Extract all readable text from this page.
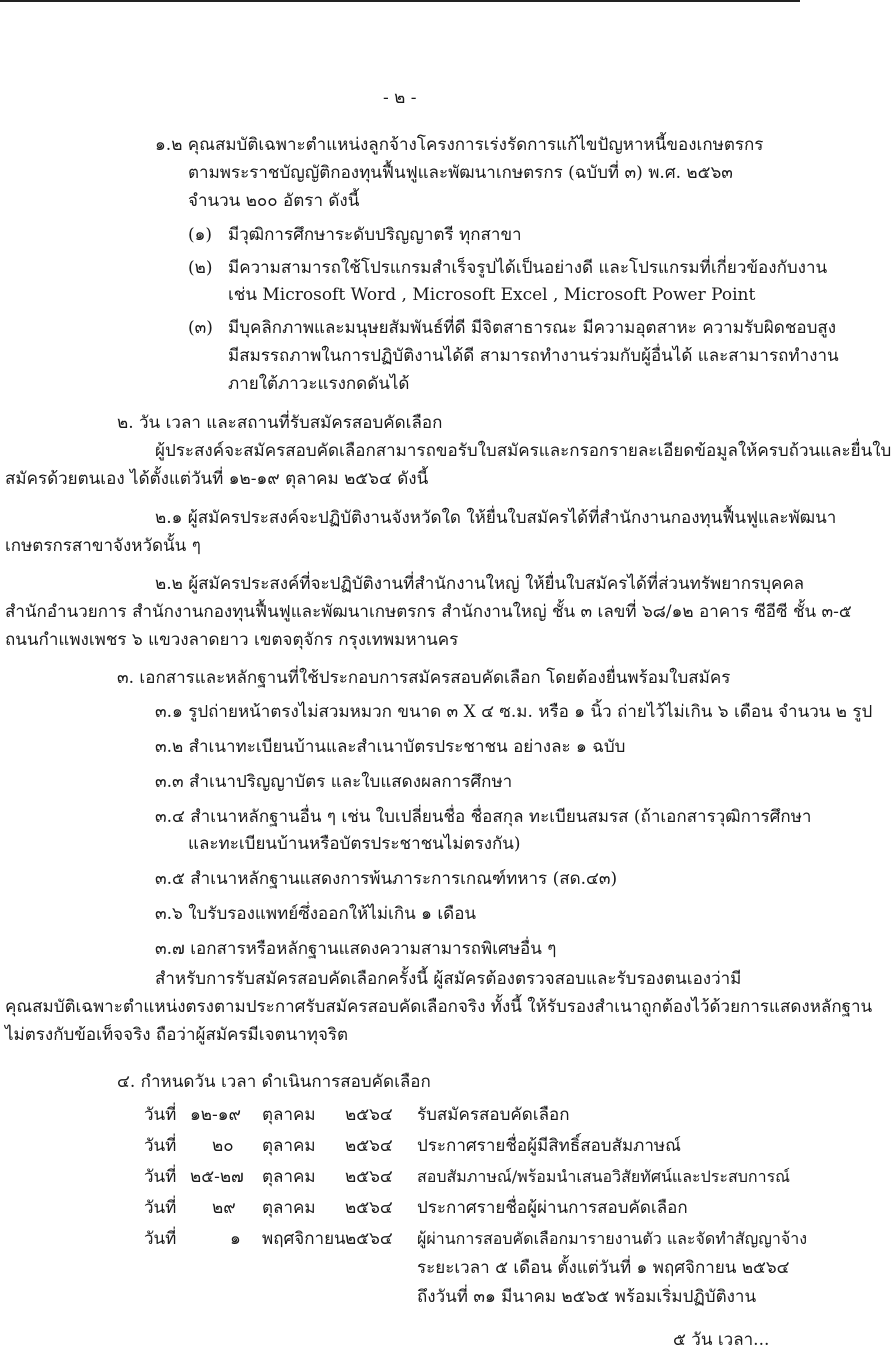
- ๒ -
๑.๒ คุณสมบัติเฉพาะตำแหน่งลูกจ้างโครงการเร่งรัดการแก้ไขปัญหาหนี้ของเกษตรกร
ตามพระราชบัญญัติกองทุนฟื้นฟูและพัฒนาเกษตรกร (ฉบับที่ ๓) พ.ศ. ๒๕๖๓
จำนวน ๒๐๐ อัตรา ดังนี้
(๑) มีวุฒิการศึกษาระดับปริญญาตรี ทุกสาขา
(๒) มีความสามารถใช้โปรแกรมสำเร็จรูปได้เป็นอย่างดี และโปรแกรมที่เกี่ยวข้องกับงาน
เช่น Microsoft Word , Microsoft Excel , Microsoft Power Point
(๓) มีบุคลิกภาพและมนุษยสัมพันธ์ที่ดี มีจิตสาธารณะ มีความอุตสาหะ ความรับผิดชอบสูง
มีสมรรถภาพในการปฏิบัติงานได้ดี สามารถทำงานร่วมกับผู้อื่นได้ และสามารถทำงาน
ภายใต้ภาวะแรงกดดันได้
๒. วัน เวลา และสถานที่รับสมัครสอบคัดเลือก
ผู้ประสงค์จะสมัครสอบคัดเลือกสามารถขอรับใบสมัครและกรอกรายละเอียดข้อมูลให้ครบถ้วนและยื่นใบ
สมัครด้วยตนเอง ได้ตั้งแต่วันที่ ๑๒-๑๙ ตุลาคม ๒๕๖๔ ดังนี้
๒.๑ ผู้สมัครประสงค์จะปฏิบัติงานจังหวัดใด ให้ยื่นใบสมัครได้ที่สำนักงานกองทุนฟื้นฟูและพัฒนา
เกษตรกรสาขาจังหวัดนั้น ๆ
๒.๒ ผู้สมัครประสงค์ที่จะปฏิบัติงานที่สำนักงานใหญ่ ให้ยื่นใบสมัครได้ที่ส่วนทรัพยากรบุคคล
สำนักอำนวยการ สำนักงานกองทุนฟื้นฟูและพัฒนาเกษตรกร สำนักงานใหญ่ ชั้น ๓ เลขที่ ๖๘/๑๒ อาคาร ซีอีซี ชั้น ๓-๕
ถนนกำแพงเพชร ๖ แขวงลาดยาว เขตจตุจักร กรุงเทพมหานคร
๓. เอกสารและหลักฐานที่ใช้ประกอบการสมัครสอบคัดเลือก โดยต้องยื่นพร้อมใบสมัคร
๓.๑ รูปถ่ายหน้าตรงไม่สวมหมวก ขนาด ๓ X ๔ ซ.ม. หรือ ๑ นิ้ว ถ่ายไว้ไม่เกิน ๖ เดือน จำนวน ๒ รูป
๓.๒ สำเนาทะเบียนบ้านและสำเนาบัตรประชาชน อย่างละ ๑ ฉบับ
๓.๓ สำเนาปริญญาบัตร และใบแสดงผลการศึกษา
๓.๔ สำเนาหลักฐานอื่น ๆ เช่น ใบเปลี่ยนชื่อ ชื่อสกุล ทะเบียนสมรส (ถ้าเอกสารวุฒิการศึกษา
และทะเบียนบ้านหรือบัตรประชาชนไม่ตรงกัน)
๓.๕ สำเนาหลักฐานแสดงการพ้นภาระการเกณฑ์ทหาร (สด.๔๓)
๓.๖ ใบรับรองแพทย์ซึ่งออกให้ไม่เกิน ๑ เดือน
๓.๗ เอกสารหรือหลักฐานแสดงความสามารถพิเศษอื่น ๆ
สำหรับการรับสมัครสอบคัดเลือกครั้งนี้ ผู้สมัครต้องตรวจสอบและรับรองตนเองว่ามี
คุณสมบัติเฉพาะตำแหน่งตรงตามประกาศรับสมัครสอบคัดเลือกจริง ทั้งนี้ ให้รับรองสำเนาถูกต้องไว้ด้วยการแสดงหลักฐาน
ไม่ตรงกับข้อเท็จจริง ถือว่าผู้สมัครมีเจตนาทุจริต
๔. กำหนดวัน เวลา ดำเนินการสอบคัดเลือก
วันที่ ๑๒-๑๙ ตุลาคม ๒๕๖๔ รับสมัครสอบคัดเลือก
วันที่ ๒๐ ตุลาคม ๒๕๖๔ ประกาศรายชื่อผู้มีสิทธิ์สอบสัมภาษณ์
วันที่ ๒๕-๒๗ ตุลาคม ๒๕๖๔ สอบสัมภาษณ์/พร้อมนำเสนอวิสัยทัศน์และประสบการณ์
วันที่ ๒๙ ตุลาคม ๒๕๖๔ ประกาศรายชื่อผู้ผ่านการสอบคัดเลือก
วันที่	๑ พฤศจิกายน ๒๕๖๔ ผู้ผ่านการสอบคัดเลือกมารายงานตัว และจัดทำสัญญาจ้าง
ระยะเวลา ๕ เดือน ตั้งแต่วันที่ ๑ พฤศจิกายน ๒๕๖๔
ถึงวันที่ ๓๑ มีนาคม ๒๕๖๕ พร้อมเริ่มปฏิบัติงาน
๕ วัน เวลา...
